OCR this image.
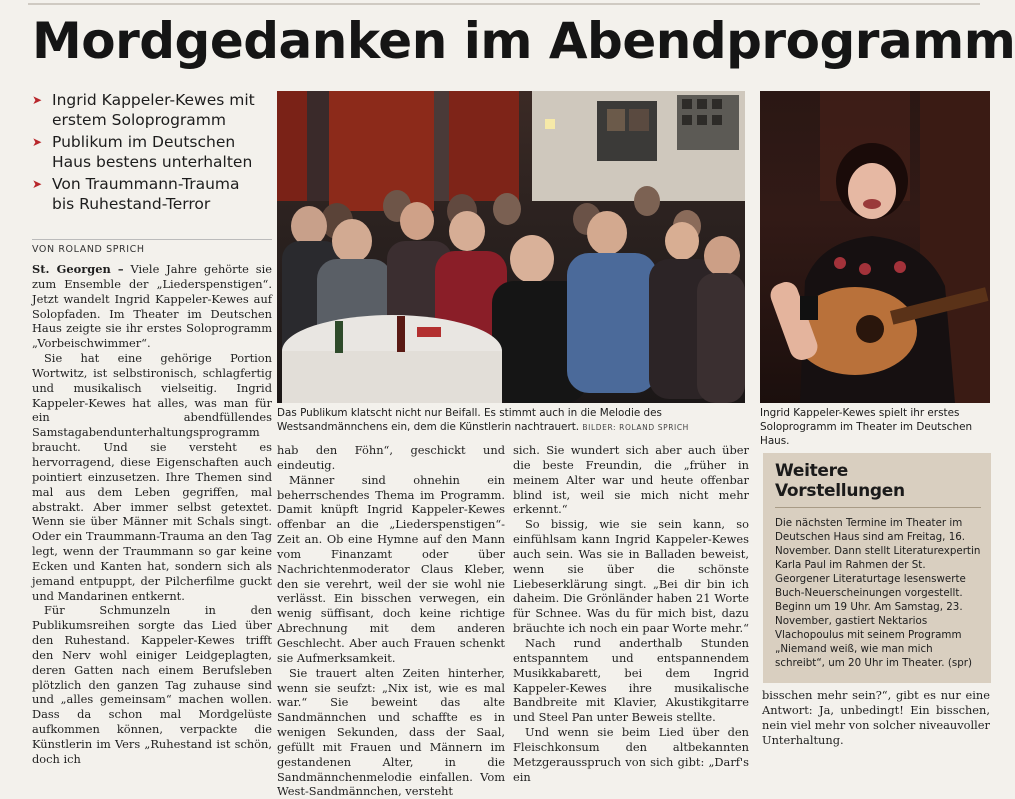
Mordgedanken im Abendprogramm
➤ Ingrid Kappeler-Kewes mit erstem Soloprogramm
➤ Publikum im Deutschen Haus bestens unterhalten
➤ Von Traummann-Trauma bis Ruhestand-Terror
VON ROLAND SPRICH

St. Georgen – Viele Jahre gehörte sie zum Ensemble der „Liederspenstigen“. Jetzt wandelt Ingrid Kappeler-Kewes auf Solopfaden. Im Theater im Deutschen Haus zeigte sie ihr erstes Soloprogramm „Vorbeischwimmer“.

Sie hat eine gehörige Portion Wortwitz, ist selbstironisch, schlagfertig und musikalisch vielseitig. Ingrid Kappeler-Kewes hat alles, was man für ein abendfüllendes Samstagabendunterhaltungsprogramm braucht. Und sie versteht es hervorragend, diese Eigenschaften auch pointiert einzusetzen. Ihre Themen sind mal aus dem Leben gegriffen, mal abstrakt. Aber immer selbst getextet. Wenn sie über Männer mit Schals singt. Oder ein Traummann-Trauma an den Tag legt, wenn der Traummann so gar keine Ecken und Kanten hat, sondern sich als jemand entpuppt, der Pilcherfilme guckt und Mandarinen entkernt.

Für Schmunzeln in den Publikumsreihen sorgte das Lied über den Ruhestand. Kappeler-Kewes trifft den Nerv wohl einiger Leidgeplagten, deren Gatten nach einem Berufsleben plötzlich den ganzen Tag zuhause sind und „alles gemeinsam“ machen wollen. Dass da schon mal Mordgelüste aufkommen können, verpackte die Künstlerin im Vers „Ruhestand ist schön, doch ich

Das Publikum klatscht nicht nur Beifall. Es stimmt auch in die Melodie des Westsandmännchens ein, dem die Künstlerin nachtrauert. BILDER: ROLAND SPRICH
Ingrid Kappeler-Kewes spielt ihr erstes Soloprogramm im Theater im Deutschen Haus.

hab den Föhn“, geschickt und eindeutig.

Männer sind ohnehin ein beherrschendes Thema im Programm. Damit knüpft Ingrid Kappeler-Kewes offenbar an die „Liederspenstigen“-Zeit an. Ob eine Hymne auf den Mann vom Finanzamt oder über Nachrichtenmoderator Claus Kleber, den sie verehrt, weil der sie wohl nie verlässt. Ein bisschen verwegen, ein wenig süffisant, doch keine richtige Abrechnung mit dem anderen Geschlecht. Aber auch Frauen schenkt sie Aufmerksamkeit.

Sie trauert alten Zeiten hinterher, wenn sie seufzt: „Nix ist, wie es mal war.“ Sie beweint das alte Sandmännchen und schaffte es in wenigen Sekunden, dass der Saal, gefüllt mit Frauen und Männern im gestandenen Alter, in die Sandmännchenmelodie einfallen. Vom West-Sandmännchen, versteht

sich. Sie wundert sich aber auch über die beste Freundin, die „früher in meinem Alter war und heute offenbar blind ist, weil sie mich nicht mehr erkennt.“

So bissig, wie sie sein kann, so einfühlsam kann Ingrid Kappeler-Kewes auch sein. Was sie in Balladen beweist, wenn sie über die schönste Liebeserklärung singt. „Bei dir bin ich daheim. Die Grönländer haben 21 Worte für Schnee. Was du für mich bist, dazu bräuchte ich noch ein paar Worte mehr.“

Nach rund anderthalb Stunden entspanntem und entspannendem Musikkabarett, bei dem Ingrid Kappeler-Kewes ihre musikalische Bandbreite mit Klavier, Akustikgitarre und Steel Pan unter Beweis stellte.

Und wenn sie beim Lied über den Fleischkonsum den altbekannten Metzgerausspruch von sich gibt: „Darf's ein

Weitere Vorstellungen
Die nächsten Termine im Theater im Deutschen Haus sind am Freitag, 16. November. Dann stellt Literaturexpertin Karla Paul im Rahmen der St. Georgener Literaturtage lesenswerte Buch-Neuerscheinungen vorgestellt. Beginn um 19 Uhr. Am Samstag, 23. November, gastiert Nektarios Vlachopoulus mit seinem Programm „Niemand weiß, wie man mich schreibt“, um 20 Uhr im Theater. (spr)

bisschen mehr sein?“, gibt es nur eine Antwort: Ja, unbedingt! Ein bisschen, nein viel mehr von solcher niveauvoller Unterhaltung.
